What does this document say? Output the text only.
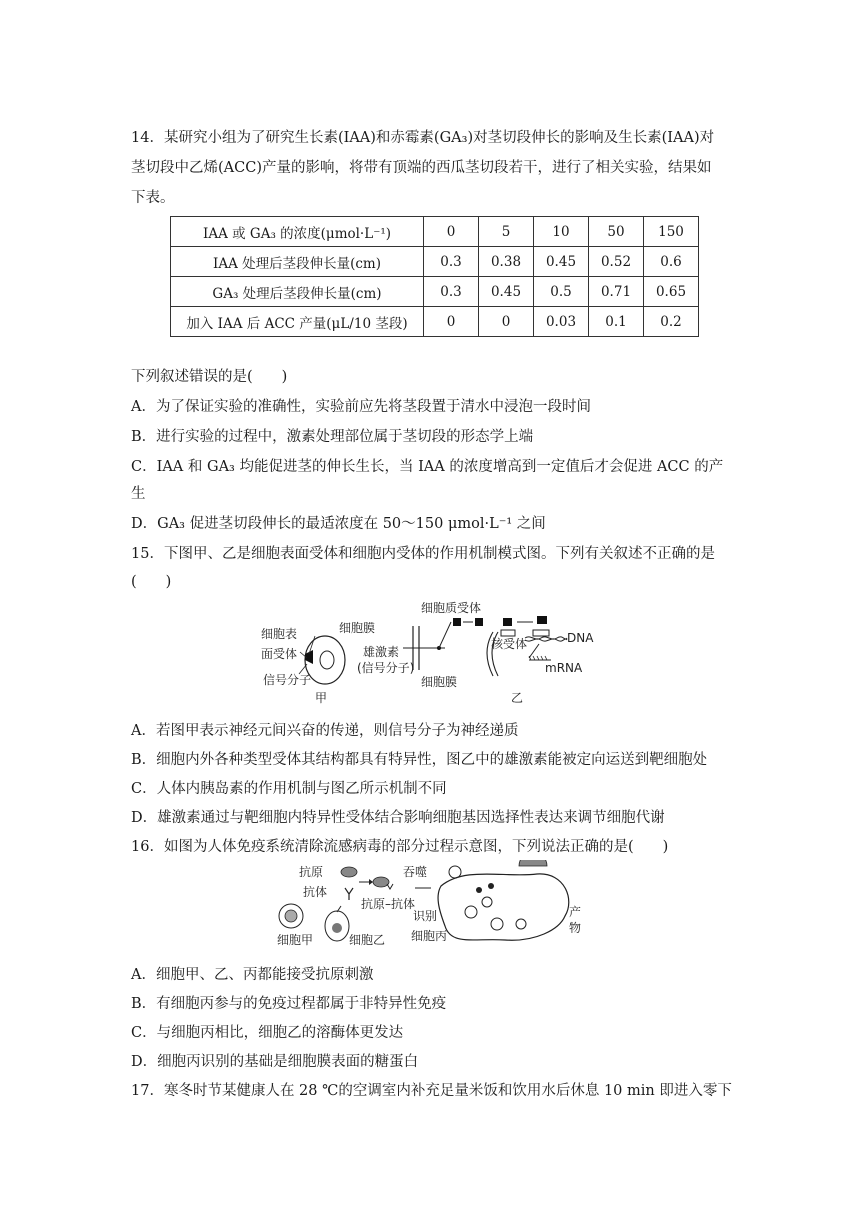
14．某研究小组为了研究生长素(IAA)和赤霉素(GA₃)对茎切段伸长的影响及生长素(IAA)对
茎切段中乙烯(ACC)产量的影响，将带有顶端的西瓜茎切段若干，进行了相关实验，结果如
下表。
IAA 或 GA₃ 的浓度(μmol·L⁻¹)	0	5	10	50	150
IAA 处理后茎段伸长量(cm)	0.3	0.38	0.45	0.52	0.6
GA₃ 处理后茎段伸长量(cm)	0.3	0.45	0.5	0.71	0.65
加入 IAA 后 ACC 产量(μL/10 茎段)	0	0	0.03	0.1	0.2
下列叙述错误的是(　　)
A．为了保证实验的准确性，实验前应先将茎段置于清水中浸泡一段时间
B．进行实验的过程中，激素处理部位属于茎切段的形态学上端
C．IAA 和 GA₃ 均能促进茎的伸长生长，当 IAA 的浓度增高到一定值后才会促进 ACC 的产
生
D．GA₃ 促进茎切段伸长的最适浓度在 50～150 μmol·L⁻¹ 之间
15．下图甲、乙是细胞表面受体和细胞内受体的作用机制模式图。下列有关叙述不正确的是
(　　)
细胞表
面受体
细胞膜
信号分子
甲
雄激素
(信号分子)
细胞膜
细胞质受体
核受体	DNA
mRNA
乙
A．若图甲表示神经元间兴奋的传递，则信号分子为神经递质
B．细胞内外各种类型受体其结构都具有特异性，图乙中的雄激素能被定向运送到靶细胞处
C．人体内胰岛素的作用机制与图乙所示机制不同
D．雄激素通过与靶细胞内特异性受体结合影响细胞基因选择性表达来调节细胞代谢
16．如图为人体免疫系统清除流感病毒的部分过程示意图，下列说法正确的是(　　)
抗原
抗体
抗原–抗体
吞噬
识别
细胞甲	细胞乙 细胞丙
产
物
A．细胞甲、乙、丙都能接受抗原刺激
B．有细胞丙参与的免疫过程都属于非特异性免疫
C．与细胞丙相比，细胞乙的溶酶体更发达
D．细胞丙识别的基础是细胞膜表面的糖蛋白
17．寒冬时节某健康人在 28 ℃的空调室内补充足量米饭和饮用水后休息 10 min 即进入零下
